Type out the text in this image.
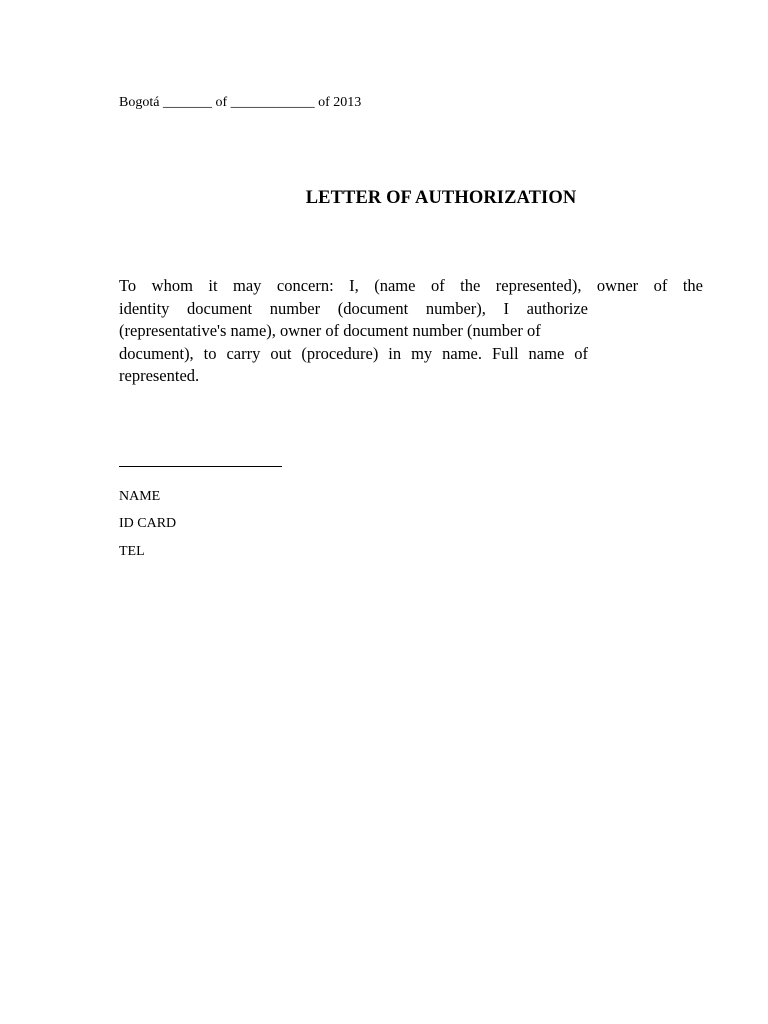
Bogotá _______ of ____________ of 2013
LETTER OF AUTHORIZATION
To whom it may concern: I, (name of the represented), owner of the
identity document number (document number), I authorize
(representative's name), owner of document number (number of
document), to carry out (procedure) in my name. Full name of
represented.
NAME
ID CARD
TEL
